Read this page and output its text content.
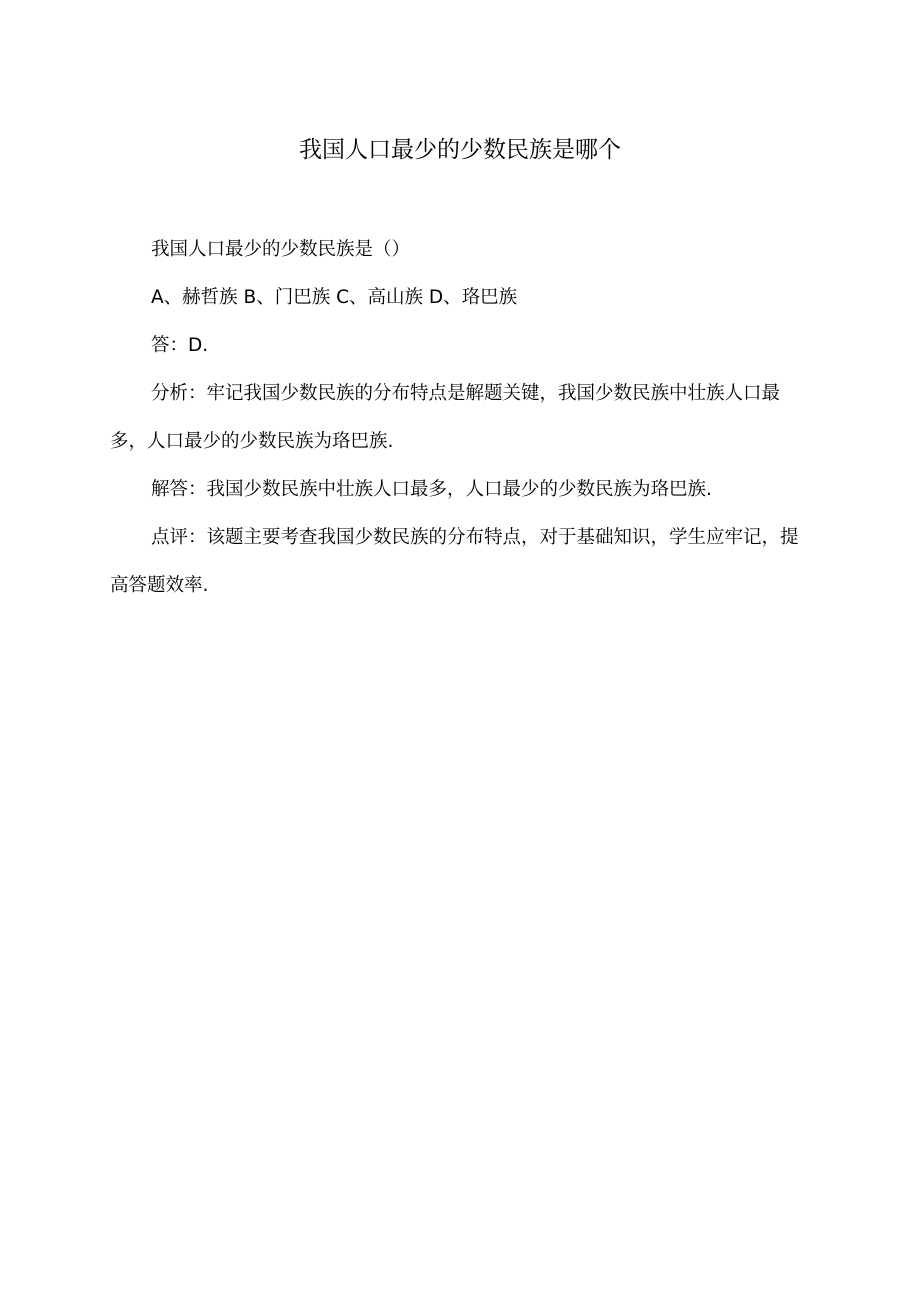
我国人口最少的少数民族是哪个

我国人口最少的少数民族是（）

A、赫哲族 B、门巴族 C、高山族 D、珞巴族

答：D.

分析：牢记我国少数民族的分布特点是解题关键，我国少数民族中壮族人口最多，人口最少的少数民族为珞巴族.

解答：我国少数民族中壮族人口最多，人口最少的少数民族为珞巴族.

点评：该题主要考查我国少数民族的分布特点，对于基础知识，学生应牢记，提高答题效率.
